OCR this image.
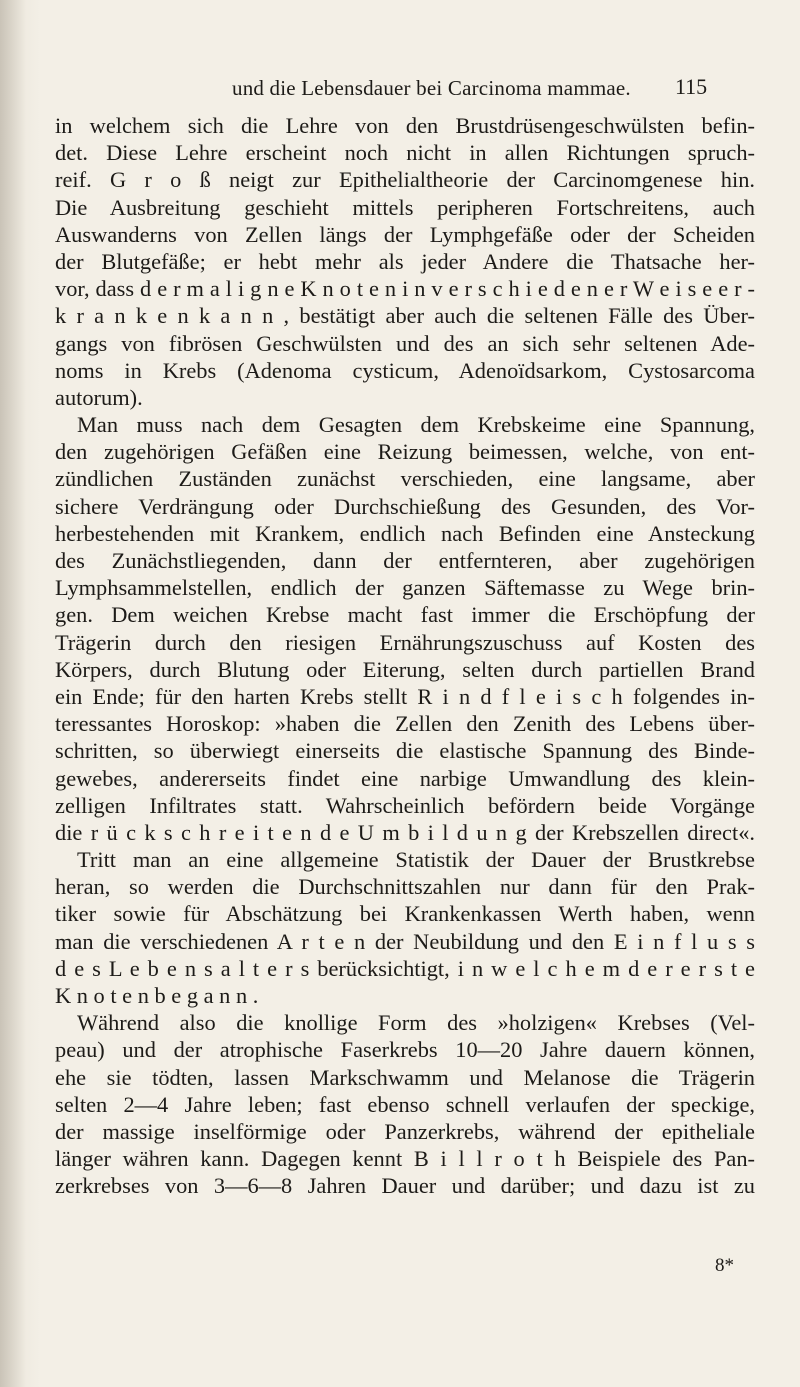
und die Lebensdauer bei Carcinoma mammae. 115
in welchem sich die Lehre von den Brustdrüsengeschwülsten befin-
det. Diese Lehre erscheint noch nicht in allen Richtungen spruch-
reif. G r o ß neigt zur Epithelialtheorie der Carcinomgenese hin.
Die Ausbreitung geschieht mittels peripheren Fortschreitens, auch
Auswanderns von Zellen längs der Lymphgefäße oder der Scheiden
der Blutgefäße; er hebt mehr als jeder Andere die Thatsache her-
vor, dass d e r m a l i g n e K n o t e n i n v e r s c h i e d e n e r W e i s e e r -
k r a n k e n k a n n , bestätigt aber auch die seltenen Fälle des Über-
gangs von fibrösen Geschwülsten und des an sich sehr seltenen Ade-
noms in Krebs (Adenoma cysticum, Adenoïdsarkom, Cystosarcoma
autorum).
Man muss nach dem Gesagten dem Krebskeime eine Spannung,
den zugehörigen Gefäßen eine Reizung beimessen, welche, von ent-
zündlichen Zuständen zunächst verschieden, eine langsame, aber
sichere Verdrängung oder Durchschießung des Gesunden, des Vor-
herbestehenden mit Krankem, endlich nach Befinden eine Ansteckung
des Zunächstliegenden, dann der entfernteren, aber zugehörigen
Lymphsammelstellen, endlich der ganzen Säftemasse zu Wege brin-
gen. Dem weichen Krebse macht fast immer die Erschöpfung der
Trägerin durch den riesigen Ernährungszuschuss auf Kosten des
Körpers, durch Blutung oder Eiterung, selten durch partiellen Brand
ein Ende; für den harten Krebs stellt R i n d f l e i s c h folgendes in-
teressantes Horoskop: »haben die Zellen den Zenith des Lebens über-
schritten, so überwiegt einerseits die elastische Spannung des Binde-
gewebes, andererseits findet eine narbige Umwandlung des klein-
zelligen Infiltrates statt. Wahrscheinlich befördern beide Vorgänge
die r ü c k s c h r e i t e n d e U m b i l d u n g der Krebszellen direct«.
Tritt man an eine allgemeine Statistik der Dauer der Brustkrebse
heran, so werden die Durchschnittszahlen nur dann für den Prak-
tiker sowie für Abschätzung bei Krankenkassen Werth haben, wenn
man die verschiedenen A r t e n der Neubildung und den E i n f l u s s
d e s L e b e n s a l t e r s berücksichtigt, i n w e l c h e m d e r e r s t e
K n o t e n b e g a n n .
Während also die knollige Form des »holzigen« Krebses (Vel-
peau) und der atrophische Faserkrebs 10—20 Jahre dauern können,
ehe sie tödten, lassen Markschwamm und Melanose die Trägerin
selten 2—4 Jahre leben; fast ebenso schnell verlaufen der speckige,
der massige inselförmige oder Panzerkrebs, während der epitheliale
länger währen kann. Dagegen kennt B i l l r o t h Beispiele des Pan-
zerkrebses von 3—6—8 Jahren Dauer und darüber; und dazu ist zu
8*
